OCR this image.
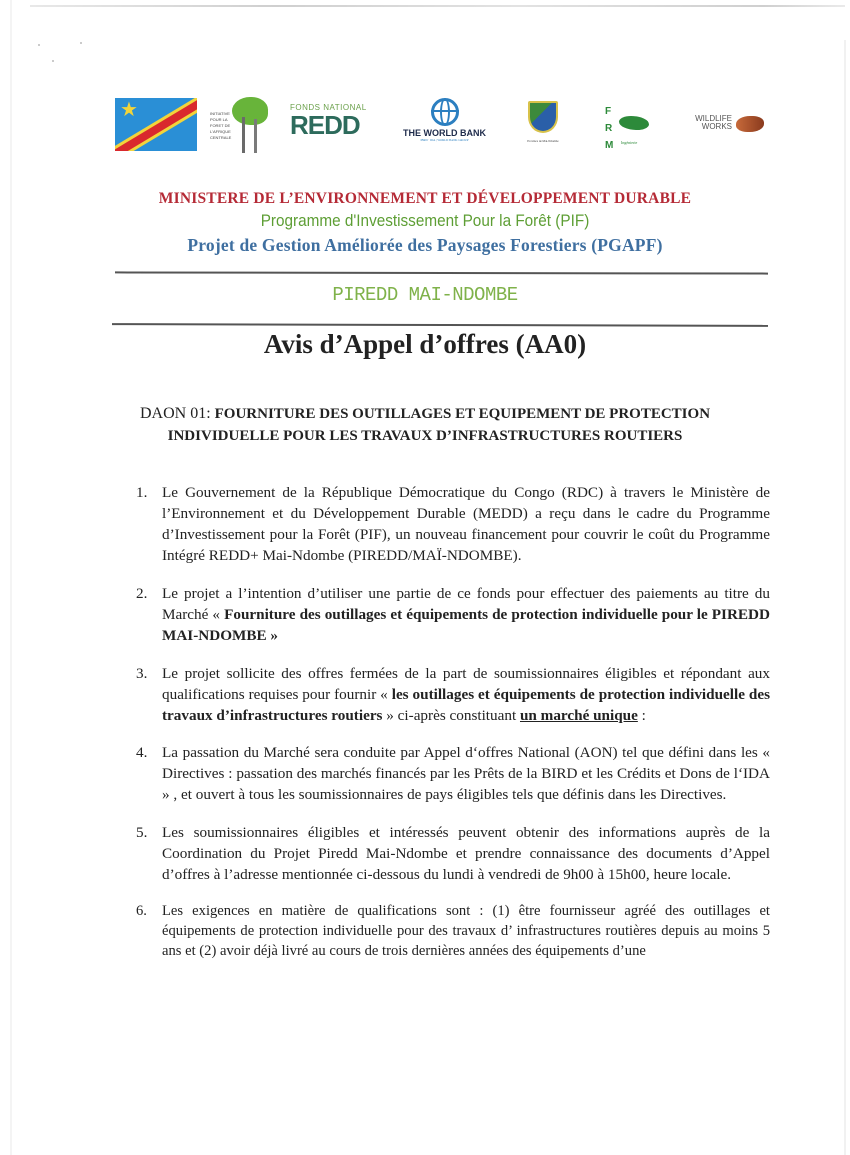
★	INITIATIVE POUR LA FORET DE L'AFRIQUE CENTRALE
FONDS NATIONAL
REDD	THE WORLD BANK
IBRD · IDA | WORLD BANK GROUP	Province de Mai-Ndombe
F
R
M	Ingénierie
WILDLIFE WORKS
MINISTERE DE L’ENVIRONNEMENT ET DÉVELOPPEMENT DURABLE
Programme d'Investissement Pour la Forêt (PIF)
Projet de Gestion Améliorée des Paysages Forestiers (PGAPF)
PIREDD MAI-NDOMBE
Avis d’Appel d’offres (AA0)
DAON 01: FOURNITURE DES OUTILLAGES ET EQUIPEMENT DE PROTECTION
INDIVIDUELLE POUR LES TRAVAUX D’INFRASTRUCTURES ROUTIERS
1. Le Gouvernement de la République Démocratique du Congo (RDC) à travers le Ministère de l’Environnement et du Développement Durable (MEDD) a reçu dans le cadre du Programme d’Investissement pour la Forêt (PIF), un nouveau financement pour couvrir le coût du Programme Intégré REDD+ Mai-Ndombe (PIREDD/MAÏ-NDOMBE).
2. Le projet a l’intention d’utiliser une partie de ce fonds pour effectuer des paiements au titre du Marché « Fourniture des outillages et équipements de protection individuelle pour le PIREDD MAI-NDOMBE »
3. Le projet sollicite des offres fermées de la part de soumissionnaires éligibles et répondant aux qualifications requises pour fournir « les outillages et équipements de protection individuelle des travaux d’infrastructures routiers » ci-après constituant un marché unique :
4. La passation du Marché sera conduite par Appel d‘offres National (AON) tel que défini dans les « Directives : passation des marchés financés par les Prêts de la BIRD et les Crédits et Dons de l‘IDA » , et ouvert à tous les soumissionnaires de pays éligibles tels que définis dans les Directives.
5. Les soumissionnaires éligibles et intéressés peuvent obtenir des informations auprès de la Coordination du Projet Piredd Mai-Ndombe et prendre connaissance des documents d’Appel d’offres à l’adresse mentionnée ci-dessous du lundi à vendredi de 9h00 à 15h00, heure locale.
6. Les exigences en matière de qualifications sont : (1) être fournisseur agréé des outillages et équipements de protection individuelle pour des travaux d’ infrastructures routières depuis au moins 5 ans et (2) avoir déjà livré au cours de trois dernières années des équipements d’une
